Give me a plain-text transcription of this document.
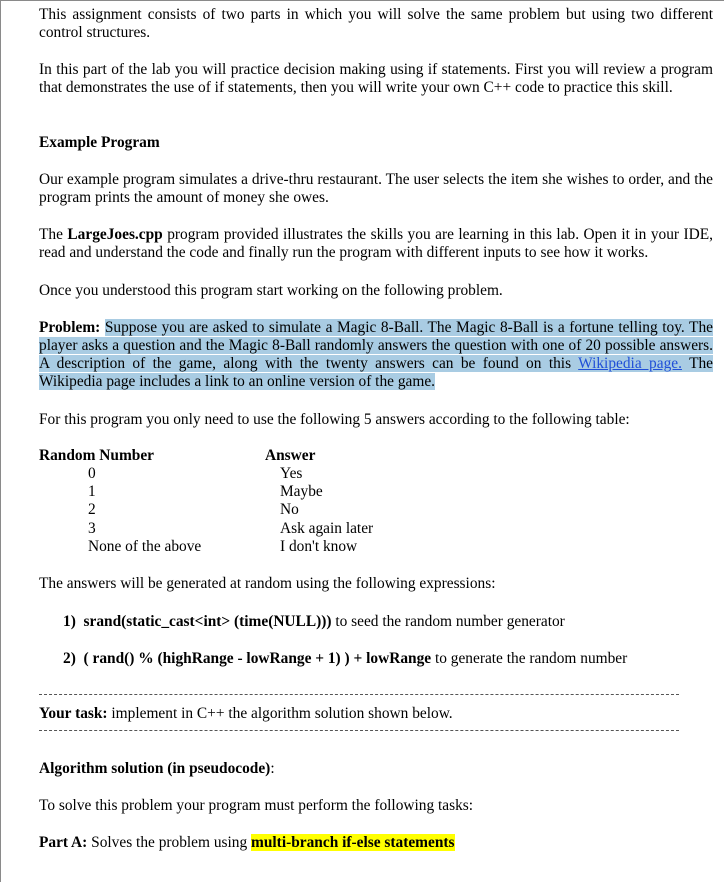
This assignment consists of two parts in which you will solve the same problem but using two different control structures.

In this part of the lab you will practice decision making using if statements. First you will review a program that demonstrates the use of if statements, then you will write your own C++ code to practice this skill.

Example Program

Our example program simulates a drive-thru restaurant. The user selects the item she wishes to order, and the program prints the amount of money she owes.

The LargeJoes.cpp program provided illustrates the skills you are learning in this lab. Open it in your IDE, read and understand the code and finally run the program with different inputs to see how it works.

Once you understood this program start working on the following problem.

Problem: Suppose you are asked to simulate a Magic 8-Ball. The Magic 8-Ball is a fortune telling toy. The player asks a question and the Magic 8-Ball randomly answers the question with one of 20 possible answers. A description of the game, along with the twenty answers can be found on this Wikipedia page. The Wikipedia page includes a link to an online version of the game.

For this program you only need to use the following 5 answers according to the following table:

Random Number	Answer

0	Yes

1	Maybe

2	No

3	Ask again later

None of the above	I don't know

The answers will be generated at random using the following expressions:

1) srand(static_cast<int> (time(NULL))) to seed the random number generator

2) ( rand() % (highRange - lowRange + 1) ) + lowRange to generate the random number

Your task: implement in C++ the algorithm solution shown below.

Algorithm solution (in pseudocode):

To solve this problem your program must perform the following tasks:

Part A: Solves the problem using multi-branch if-else statements
